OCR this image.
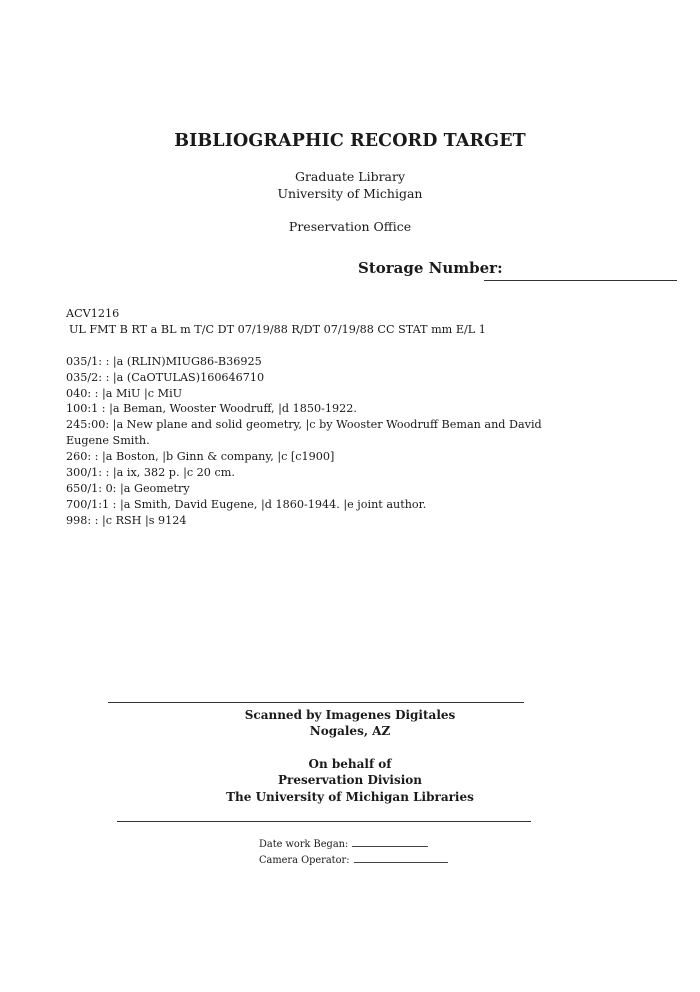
BIBLIOGRAPHIC RECORD TARGET
Graduate Library
University of Michigan
Preservation Office
Storage Number:
ACV1216
UL FMT B RT a BL m T/C DT 07/19/88 R/DT 07/19/88 CC STAT mm E/L 1
035/1: : |a (RLIN)MIUG86-B36925
035/2: : |a (CaOTULAS)160646710
040: : |a MiU |c MiU
100:1 : |a Beman, Wooster Woodruff, |d 1850-1922.
245:00: |a New plane and solid geometry, |c by Wooster Woodruff Beman and David Eugene Smith.
260: : |a Boston, |b Ginn & company, |c [c1900]
300/1: : |a ix, 382 p. |c 20 cm.
650/1: 0: |a Geometry
700/1:1 : |a Smith, David Eugene, |d 1860-1944. |e joint author.
998: : |c RSH |s 9124
Scanned by Imagenes Digitales
Nogales, AZ
On behalf of
Preservation Division
The University of Michigan Libraries
Date work Began:
Camera Operator:
